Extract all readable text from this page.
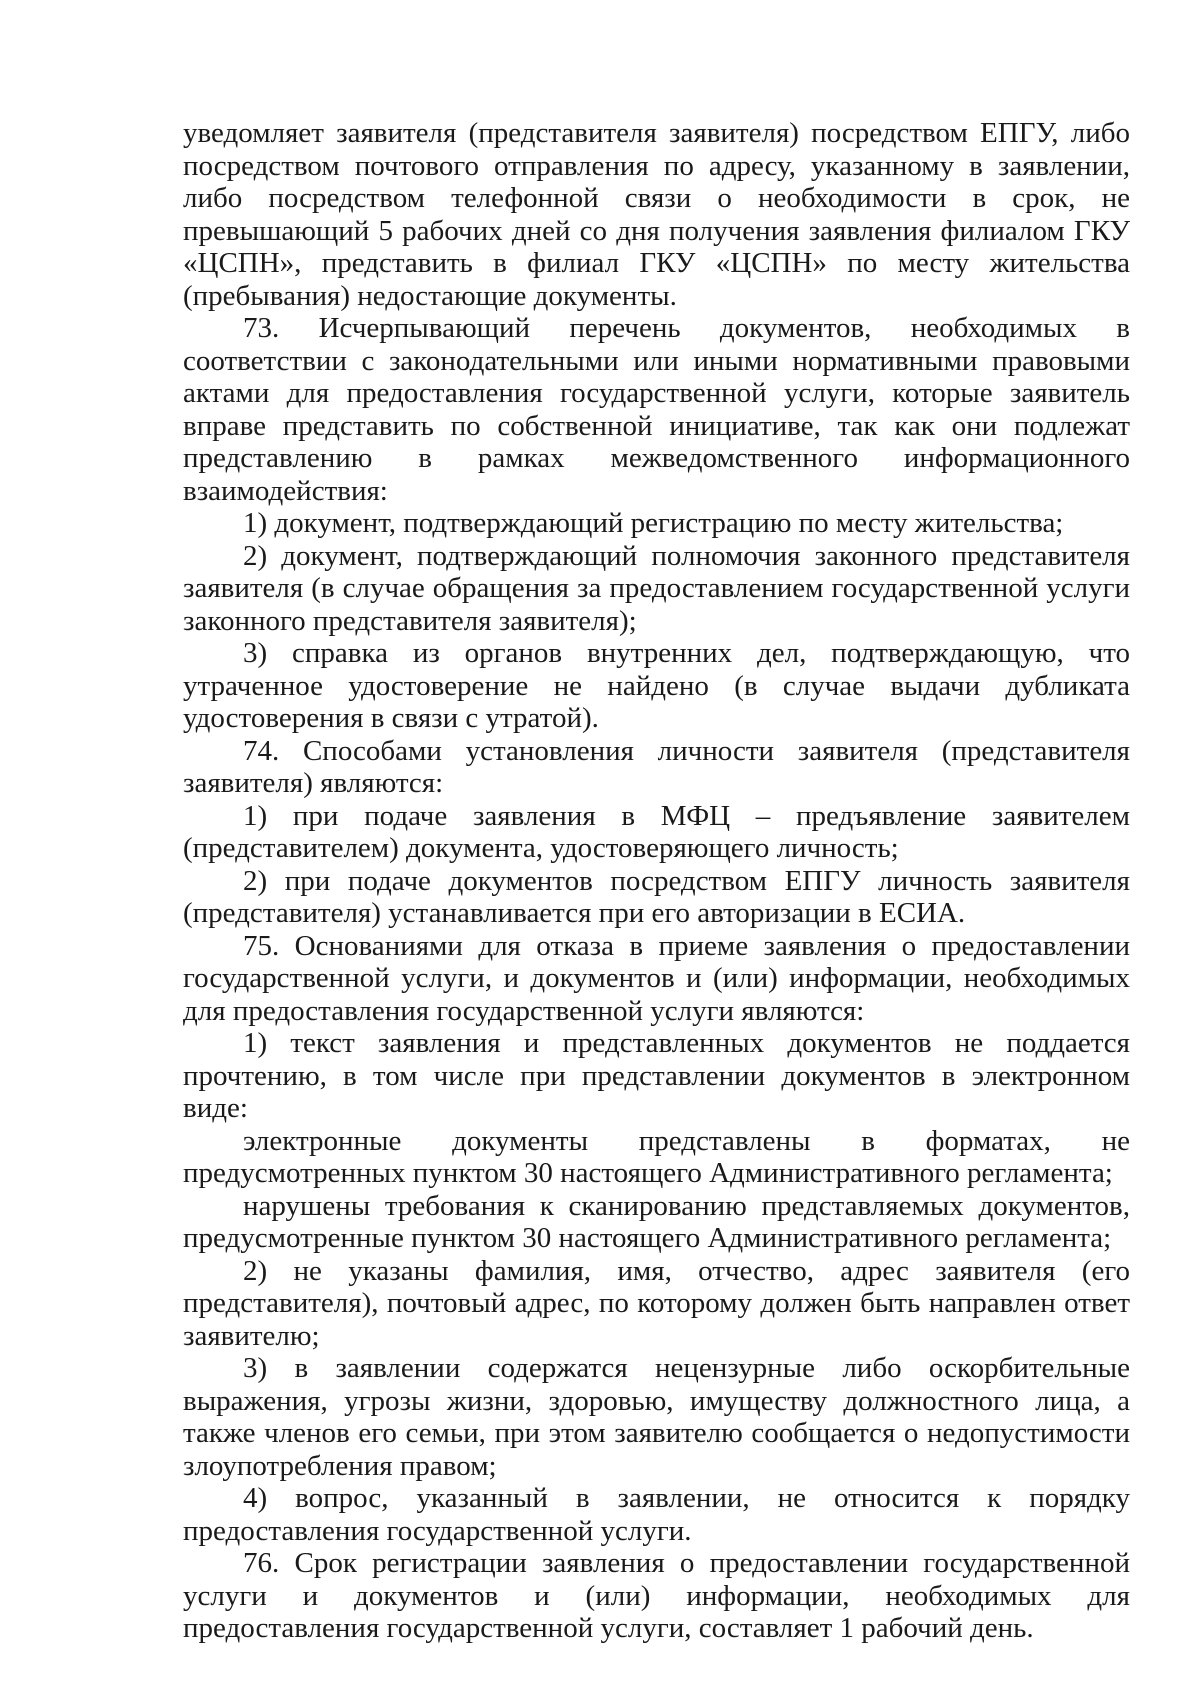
уведомляет заявителя (представителя заявителя) посредством ЕПГУ, либо посредством почтового отправления по адресу, указанному в заявлении, либо посредством телефонной связи о необходимости в срок, не превышающий 5 рабочих дней со дня получения заявления филиалом ГКУ «ЦСПН», представить в филиал ГКУ «ЦСПН» по месту жительства (пребывания) недостающие документы.

73. Исчерпывающий перечень документов, необходимых в соответствии с законодательными или иными нормативными правовыми актами для предоставления государственной услуги, которые заявитель вправе представить по собственной инициативе, так как они подлежат представлению в рамках межведомственного информационного взаимодействия:

1) документ, подтверждающий регистрацию по месту жительства;

2) документ, подтверждающий полномочия законного представителя заявителя (в случае обращения за предоставлением государственной услуги законного представителя заявителя);

3) справка из органов внутренних дел, подтверждающую, что утраченное удостоверение не найдено (в случае выдачи дубликата удостоверения в связи с утратой).

74. Способами установления личности заявителя (представителя заявителя) являются:

1) при подаче заявления в МФЦ – предъявление заявителем (представителем) документа, удостоверяющего личность;

2) при подаче документов посредством ЕПГУ личность заявителя (представителя) устанавливается при его авторизации в ЕСИА.

75. Основаниями для отказа в приеме заявления о предоставлении государственной услуги, и документов и (или) информации, необходимых для предоставления государственной услуги являются:

1) текст заявления и представленных документов не поддается прочтению, в том числе при представлении документов в электронном виде:

электронные документы представлены в форматах, не предусмотренных пунктом 30 настоящего Административного регламента;

нарушены требования к сканированию представляемых документов, предусмотренные пунктом 30 настоящего Административного регламента;

2) не указаны фамилия, имя, отчество, адрес заявителя (его представителя), почтовый адрес, по которому должен быть направлен ответ заявителю;

3) в заявлении содержатся нецензурные либо оскорбительные выражения, угрозы жизни, здоровью, имуществу должностного лица, а также членов его семьи, при этом заявителю сообщается о недопустимости злоупотребления правом;

4) вопрос, указанный в заявлении, не относится к порядку предоставления государственной услуги.

76. Срок регистрации заявления о предоставлении государственной услуги и документов и (или) информации, необходимых для предоставления государственной услуги, составляет 1 рабочий день.
